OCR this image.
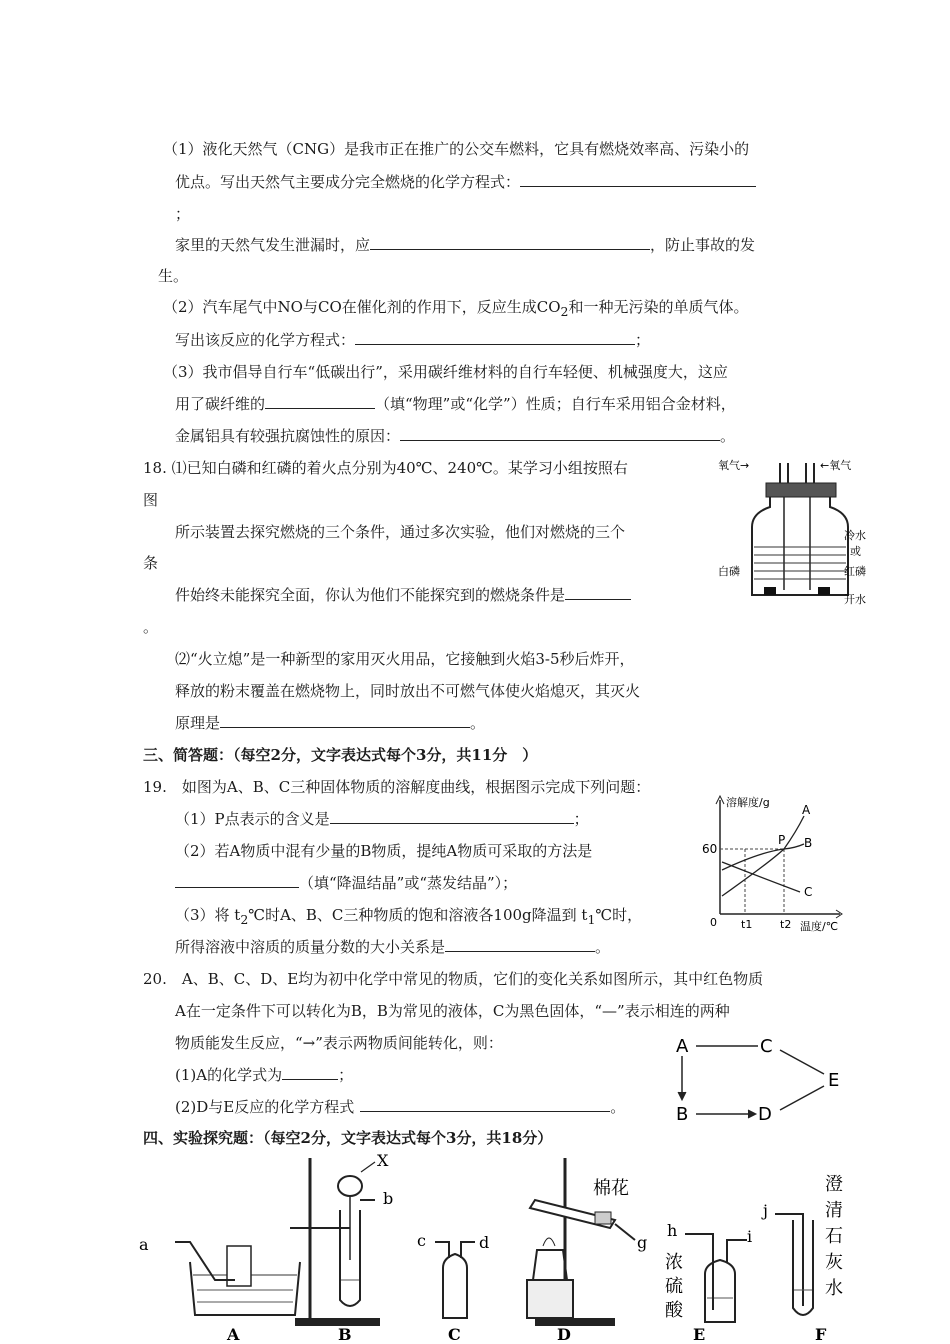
（1）液化天然气（CNG）是我市正在推广的公交车燃料，它具有燃烧效率高、污染小的
优点。写出天然气主要成分完全燃烧的化学方程式：
；
家里的天然气发生泄漏时，应	，防止事故的发
生。
（2）汽车尾气中NO与CO在催化剂的作用下，反应生成$CO_2$和一种无污染的单质气体。
写出该反应的化学方程式：	；
（3）我市倡导自行车“低碳出行”，采用碳纤维材料的自行车轻便、机械强度大，这应
用了碳纤维的	（填“物理”或“化学”）性质；自行车采用铝合金材料，
金属铝具有较强抗腐蚀性的原因：	。
18. ⑴已知白磷和红磷的着火点分别为40℃、240℃。某学习小组按照右
图
所示装置去探究燃烧的三个条件，通过多次实验，他们对燃烧的三个
条
件始终未能探究全面，你认为他们不能探究到的燃烧条件是
。
⑵“火立熄”是一种新型的家用灭火用品，它接触到火焰3-5秒后炸开，
释放的粉末覆盖在燃烧物上，同时放出不可燃气体使火焰熄灭，其灭火
原理是	。
氧气→	←氧气
冷水
或
红磷
白磷
开水
三、简答题：（每空2分，文字表达式每个3分，共11分　）
19.　如图为A、B、C三种固体物质的溶解度曲线，根据图示完成下列问题：
（1）P点表示的含义是	；
（2）若A物质中混有少量的B物质，提纯A物质可采取的方法是
（填“降温结晶”或“蒸发结晶”）；
（3）将 $t_2℃$时A、B、C三种物质的饱和溶液各100g降温到 $t_1℃$时，
所得溶液中溶质的质量分数的大小关系是	。
溶解度/g
温度/℃
0
60
t1	t2
A
B
C
P
20.　A、B、C、D、E均为初中化学中常见的物质，它们的变化关系如图所示，其中红色物质
A在一定条件下可以转化为B，B为常见的液体，C为黑色固体，“—”表示相连的两种
物质能发生反应，“→”表示两物质间能转化，则：
(1)A的化学式为	；
(2)D与E反应的化学方程式	。
A	C
E
B	D
四、实验探究题：（每空2分，文字表达式每个3分，共18分）
a
X
b
c	d
棉花
g
h	i
浓
硫
酸
j
澄
清
石
灰
水
A	B	C	D	E	F
